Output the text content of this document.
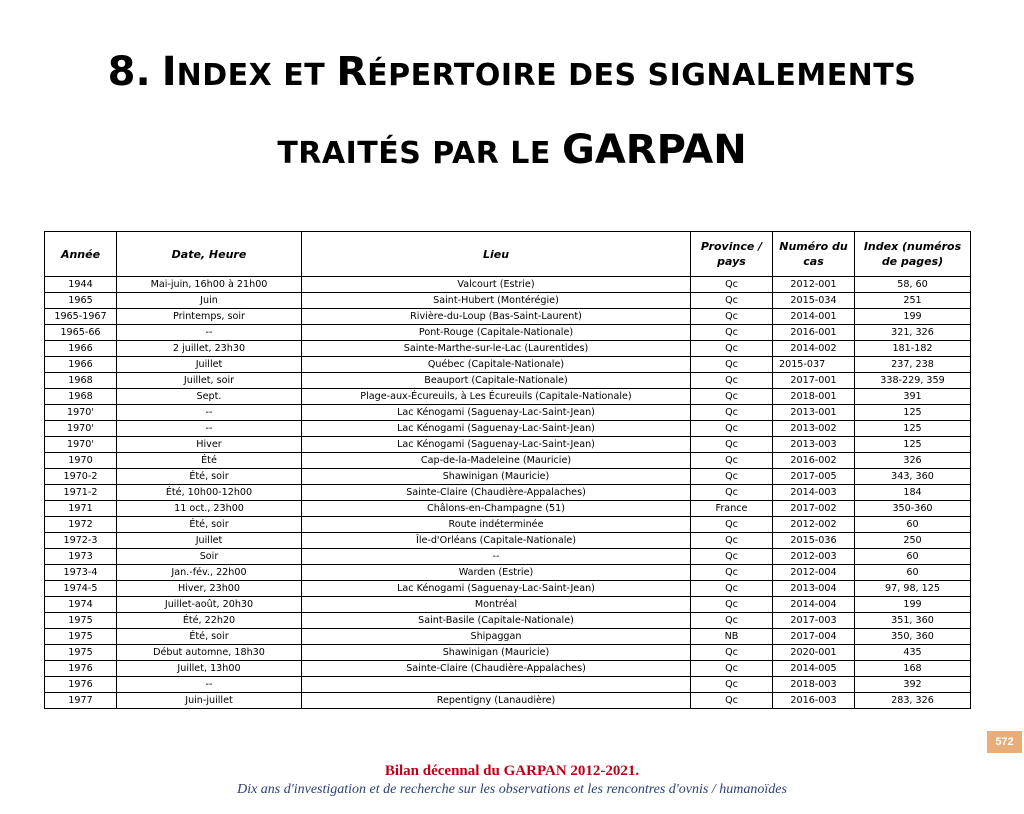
8. INDEX ET RÉPERTOIRE DES SIGNALEMENTS
TRAITÉS PAR LE GARPAN
Année	Date, Heure	Lieu	Province / pays	Numéro du cas	Index (numéros de pages)
1944	Mai-juin, 16h00 à 21h00	Valcourt (Estrie)	Qc	2012-001	58, 60
1965	Juin	Saint-Hubert (Montérégie)	Qc	2015-034	251
1965-1967	Printemps, soir	Rivière-du-Loup (Bas-Saint-Laurent)	Qc	2014-001	199
1965-66	--	Pont-Rouge (Capitale-Nationale)	Qc	2016-001	321, 326
1966	2 juillet, 23h30	Sainte-Marthe-sur-le-Lac (Laurentides)	Qc	2014-002	181-182
1966	Juillet	Québec (Capitale-Nationale)	Qc	2015-037	237, 238
1968	Juillet, soir	Beauport (Capitale-Nationale)	Qc	2017-001	338-229, 359
1968	Sept.	Plage-aux-Écureuils, à Les Écureuils (Capitale-Nationale)	Qc	2018-001	391
1970'	--	Lac Kénogami (Saguenay-Lac-Saint-Jean)	Qc	2013-001	125
1970'	--	Lac Kénogami (Saguenay-Lac-Saint-Jean)	Qc	2013-002	125
1970'	Hiver	Lac Kénogami (Saguenay-Lac-Saint-Jean)	Qc	2013-003	125
1970	Été	Cap-de-la-Madeleine (Mauricie)	Qc	2016-002	326
1970-2	Été, soir	Shawinigan (Mauricie)	Qc	2017-005	343, 360
1971-2	Été, 10h00-12h00	Sainte-Claire (Chaudière-Appalaches)	Qc	2014-003	184
1971	11 oct., 23h00	Châlons-en-Champagne (51)	France	2017-002	350-360
1972	Été, soir	Route indéterminée	Qc	2012-002	60
1972-3	Juillet	Île-d'Orléans (Capitale-Nationale)	Qc	2015-036	250
1973	Soir	--	Qc	2012-003	60
1973-4	Jan.-fév., 22h00	Warden (Estrie)	Qc	2012-004	60
1974-5	Hiver, 23h00	Lac Kénogami (Saguenay-Lac-Saint-Jean)	Qc	2013-004	97, 98, 125
1974	Juillet-août, 20h30	Montréal	Qc	2014-004	199
1975	Été, 22h20	Saint-Basile (Capitale-Nationale)	Qc	2017-003	351, 360
1975	Été, soir	Shipaggan	NB	2017-004	350, 360
1975	Début automne, 18h30	Shawinigan (Mauricie)	Qc	2020-001	435
1976	Juillet, 13h00	Sainte-Claire (Chaudière-Appalaches)	Qc	2014-005	168
1976	--		Qc	2018-003	392
1977	Juin-juillet	Repentigny (Lanaudière)	Qc	2016-003	283, 326
572

Bilan décennal du GARPAN 2012-2021.

Dix ans d'investigation et de recherche sur les observations et les rencontres d'ovnis / humanoïdes
